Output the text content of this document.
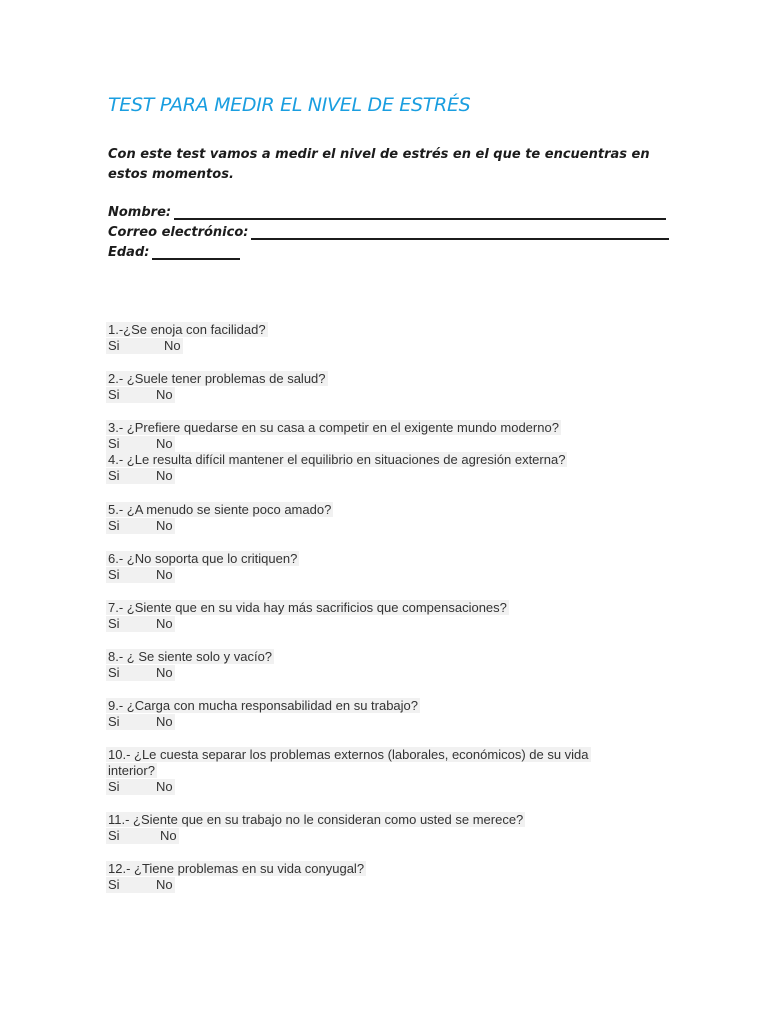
TEST PARA MEDIR EL NIVEL DE ESTRÉS
Con este test vamos a medir el nivel de estrés en el que te encuentras en estos momentos.
Nombre:
Correo electrónico:
Edad:
1.-¿Se enoja con facilidad?
Si	No
2.- ¿Suele tener problemas de salud?
Si	No
3.- ¿Prefiere quedarse en su casa a competir en el exigente mundo moderno?
Si	No
4.- ¿Le resulta difícil mantener el equilibrio en situaciones de agresión externa?
Si	No
5.- ¿A menudo se siente poco amado?
Si	No
6.- ¿No soporta que lo critiquen?
Si	No
7.- ¿Siente que en su vida hay más sacrificios que compensaciones?
Si	No
8.- ¿ Se siente solo y vacío?
Si	No
9.- ¿Carga con mucha responsabilidad en su trabajo?
Si	No
10.- ¿Le cuesta separar los problemas externos (laborales, económicos) de su vida interior?
Si	No
11.- ¿Siente que en su trabajo no le consideran como usted se merece?
Si	No
12.- ¿Tiene problemas en su vida conyugal?
Si	No
